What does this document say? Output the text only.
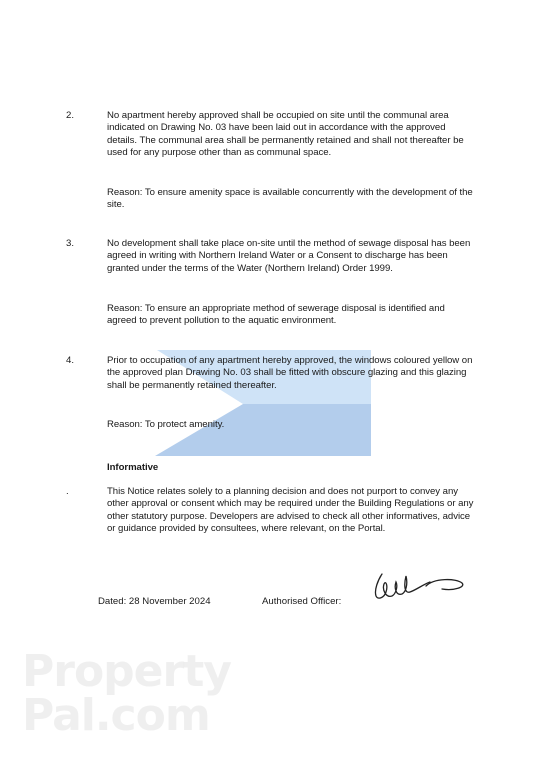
2.	No apartment hereby approved shall be occupied on site until the communal area indicated on Drawing No. 03 have been laid out in accordance with the approved details. The communal area shall be permanently retained and shall not thereafter be used for any purpose other than as communal space.

Reason: To ensure amenity space is available concurrently with the development of the site.

3.	No development shall take place on-site until the method of sewage disposal has been agreed in writing with Northern Ireland Water or a Consent to discharge has been granted under the terms of the Water (Northern Ireland) Order 1999.

Reason: To ensure an appropriate method of sewerage disposal is identified and agreed to prevent pollution to the aquatic environment.

4.	Prior to occupation of any apartment hereby approved, the windows coloured yellow on the approved plan Drawing No. 03 shall be fitted with obscure glazing and this glazing shall be permanently retained thereafter.

Reason: To protect amenity.

Informative

.	This Notice relates solely to a planning decision and does not purport to convey any other approval or consent which may be required under the Building Regulations or any other statutory purpose. Developers are advised to check all other informatives, advice or guidance provided by consultees, where relevant, on the Portal.

Dated: 28 November 2024	Authorised Officer:
Property
Pal.com
